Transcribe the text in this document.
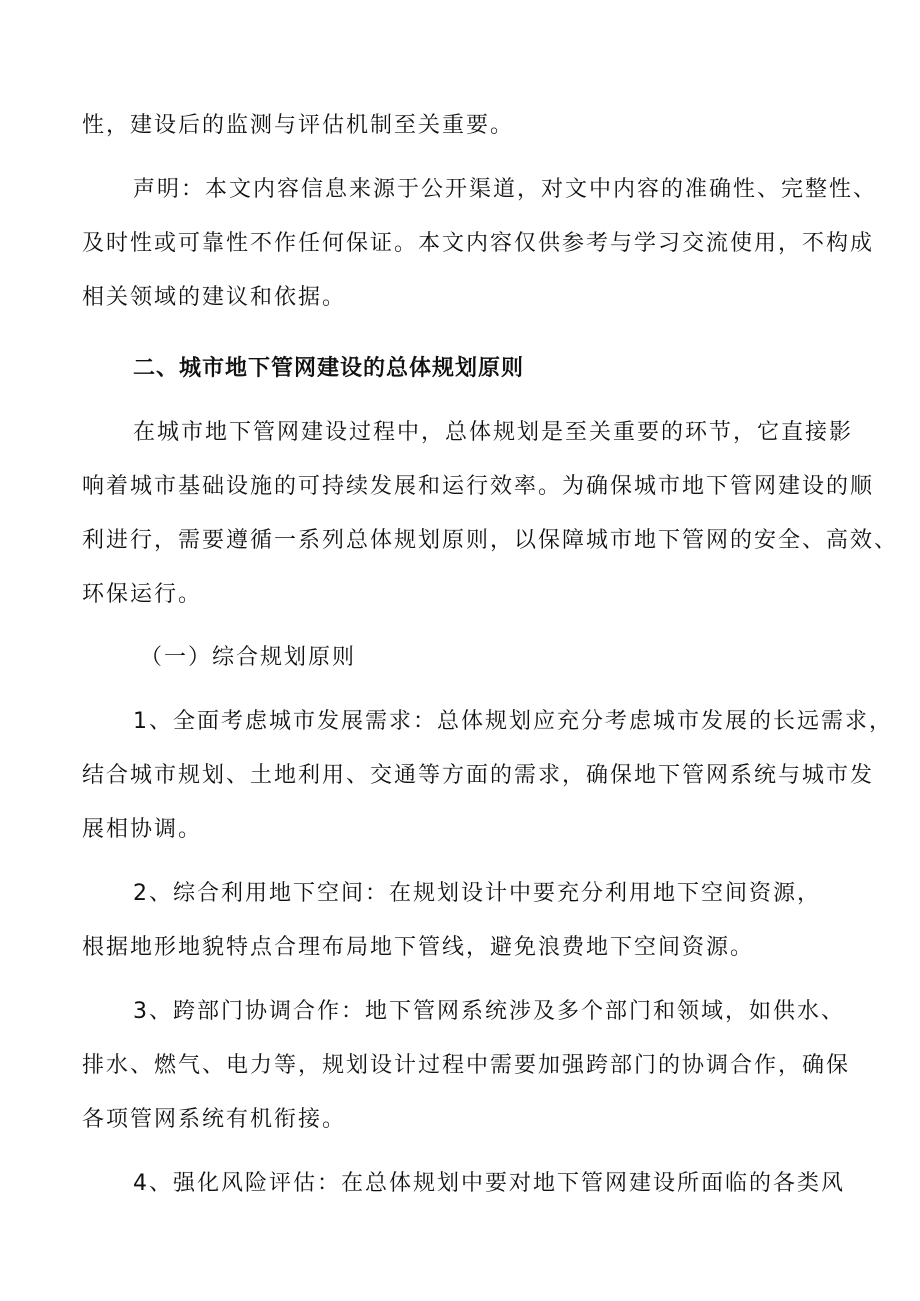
性，建设后的监测与评估机制至关重要。
声明：本文内容信息来源于公开渠道，对文中内容的准确性、完整性、
及时性或可靠性不作任何保证。本文内容仅供参考与学习交流使用，不构成
相关领域的建议和依据。
二、城市地下管网建设的总体规划原则
在城市地下管网建设过程中，总体规划是至关重要的环节，它直接影
响着城市基础设施的可持续发展和运行效率。为确保城市地下管网建设的顺
利进行，需要遵循一系列总体规划原则，以保障城市地下管网的安全、高效、
环保运行。
（一）综合规划原则
1、全面考虑城市发展需求：总体规划应充分考虑城市发展的长远需求，
结合城市规划、土地利用、交通等方面的需求，确保地下管网系统与城市发
展相协调。
2、综合利用地下空间：在规划设计中要充分利用地下空间资源，
根据地形地貌特点合理布局地下管线，避免浪费地下空间资源。
3、跨部门协调合作：地下管网系统涉及多个部门和领域，如供水、
排水、燃气、电力等，规划设计过程中需要加强跨部门的协调合作，确保
各项管网系统有机衔接。
4、强化风险评估：在总体规划中要对地下管网建设所面临的各类风
